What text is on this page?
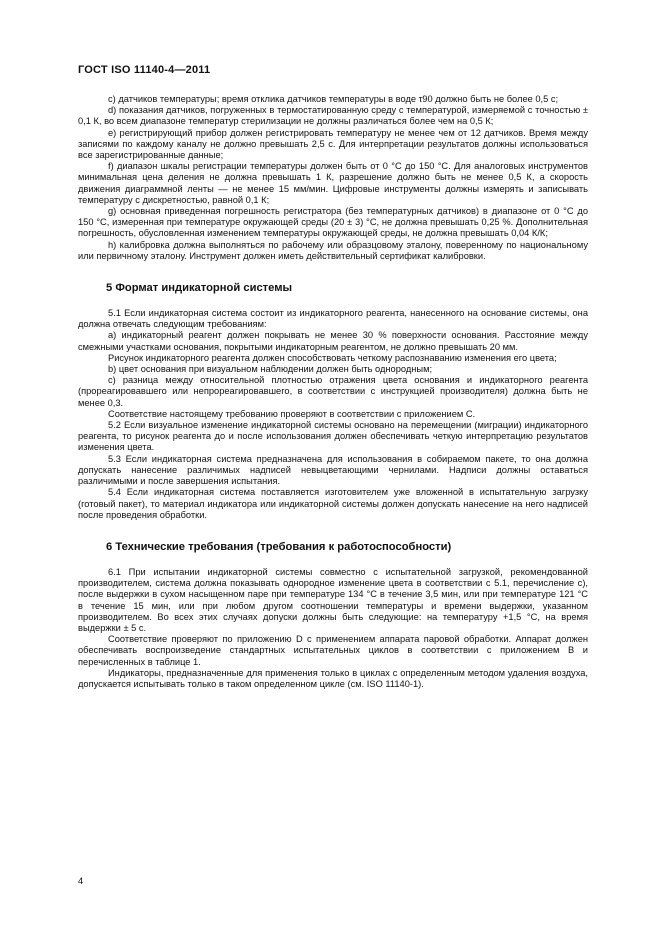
ГОСТ ISO 11140-4—2011

c) датчиков температуры; время отклика датчиков температуры в воде τ90 должно быть не более 0,5 с;

d) показания датчиков, погруженных в термостатированную среду с температурой, измеряемой с точностью ± 0,1 К, во всем диапазоне температур стерилизации не должны различаться более чем на 0,5 К;

e) регистрирующий прибор должен регистрировать температуру не менее чем от 12 датчиков. Время между записями по каждому каналу не должно превышать 2,5 с. Для интерпретации результатов должны использоваться все зарегистрированные данные;

f) диапазон шкалы регистрации температуры должен быть от 0 °С до 150 °С. Для аналоговых инструментов минимальная цена деления не должна превышать 1 К, разрешение должно быть не менее 0,5 К, а скорость движения диаграммной ленты — не менее 15 мм/мин. Цифровые инструменты должны измерять и записывать температуру с дискретностью, равной 0,1 К;

g) основная приведенная погрешность регистратора (без температурных датчиков) в диапазоне от 0 °С до 150 °С, измеренная при температуре окружающей среды (20 ± 3) °С, не должна превышать 0,25 %. Дополнительная погрешность, обусловленная изменением температуры окружающей среды, не должна превышать 0,04 К/К;

h) калибровка должна выполняться по рабочему или образцовому эталону, поверенному по национальному или первичному эталону. Инструмент должен иметь действительный сертификат калибровки.

5 Формат индикаторной системы

5.1 Если индикаторная система состоит из индикаторного реагента, нанесенного на основание системы, она должна отвечать следующим требованиям:

a) индикаторный реагент должен покрывать не менее 30 % поверхности основания. Расстояние между смежными участками основания, покрытыми индикаторным реагентом, не должно превышать 20 мм.

Рисунок индикаторного реагента должен способствовать четкому распознаванию изменения его цвета;

b) цвет основания при визуальном наблюдении должен быть однородным;

c) разница между относительной плотностью отражения цвета основания и индикаторного реагента (прореагировавшего или непрореагировавшего, в соответствии с инструкцией производителя) должна быть не менее 0,3.

Соответствие настоящему требованию проверяют в соответствии с приложением С.

5.2 Если визуальное изменение индикаторной системы основано на перемещении (миграции) индикаторного реагента, то рисунок реагента до и после использования должен обеспечивать четкую интерпретацию результатов изменения цвета.

5.3 Если индикаторная система предназначена для использования в собираемом пакете, то она должна допускать нанесение различимых надписей невыцветающими чернилами. Надписи должны оставаться различимыми и после завершения испытания.

5.4 Если индикаторная система поставляется изготовителем уже вложенной в испытательную загрузку (готовый пакет), то материал индикатора или индикаторной системы должен допускать нанесение на него надписей после проведения обработки.

6 Технические требования (требования к работоспособности)

6.1 При испытании индикаторной системы совместно с испытательной загрузкой, рекомендованной производителем, система должна показывать однородное изменение цвета в соответствии с 5.1, перечисление с), после выдержки в сухом насыщенном паре при температуре 134 °С в течение 3,5 мин, или при температуре 121 °С в течение 15 мин, или при любом другом соотношении температуры и времени выдержки, указанном производителем. Во всех этих случаях допуски должны быть следующие: на температуру +1,5 °С, на время выдержки ± 5 с.

Соответствие проверяют по приложению D с применением аппарата паровой обработки. Аппарат должен обеспечивать воспроизведение стандартных испытательных циклов в соответствии с приложением В и перечисленных в таблице 1.

Индикаторы, предназначенные для применения только в циклах с определенным методом удаления воздуха, допускается испытывать только в таком определенном цикле (см. ISO 11140-1).

4
